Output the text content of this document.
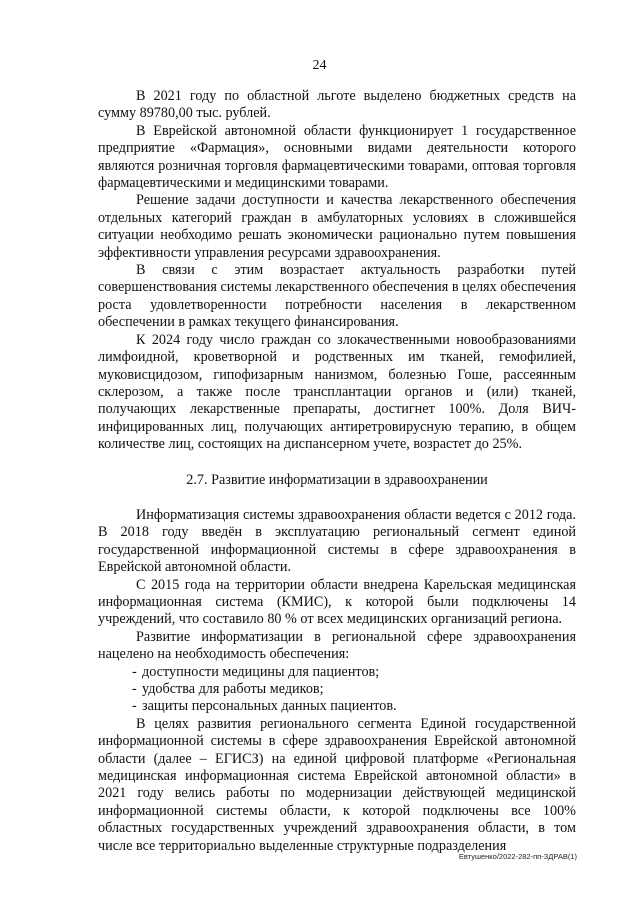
24

В 2021 году по областной льготе выделено бюджетных средств на сумму 89780,00 тыс. рублей.

В Еврейской автономной области функционирует 1 государственное предприятие «Фармация», основными видами деятельности которого являются розничная торговля фармацевтическими товарами, оптовая торговля фармацевтическими и медицинскими товарами.

Решение задачи доступности и качества лекарственного обеспечения отдельных категорий граждан в амбулаторных условиях в сложившейся ситуации необходимо решать экономически рационально путем повышения эффективности управления ресурсами здравоохранения.

В связи с этим возрастает актуальность разработки путей совершенствования системы лекарственного обеспечения в целях обеспечения роста удовлетворенности потребности населения в лекарственном обеспечении в рамках текущего финансирования.

К 2024 году число граждан со злокачественными новообразованиями лимфоидной, кроветворной и родственных им тканей, гемофилией, муковисцидозом, гипофизарным нанизмом, болезнью Гоше, рассеянным склерозом, а также после трансплантации органов и (или) тканей, получающих лекарственные препараты, достигнет 100%. Доля ВИЧ-инфицированных лиц, получающих антиретровирусную терапию, в общем количестве лиц, состоящих на диспансерном учете, возрастет до 25%.

2.7. Развитие информатизации в здравоохранении

Информатизация системы здравоохранения области ведется с 2012 года. В 2018 году введён в эксплуатацию региональный сегмент единой государственной информационной системы в сфере здравоохранения в Еврейской автономной области.

С 2015 года на территории области внедрена Карельская медицинская информационная система (КМИС), к которой были подключены 14 учреждений, что составило 80 % от всех медицинских организаций региона.

Развитие информатизации в региональной сфере здравоохранения нацелено на необходимость обеспечения:

- доступности медицины для пациентов;

- удобства для работы медиков;

- защиты персональных данных пациентов.

В целях развития регионального сегмента Единой государственной информационной системы в сфере здравоохранения Еврейской автономной области (далее – ЕГИСЗ) на единой цифровой платформе «Региональная медицинская информационная система Еврейской автономной области» в 2021 году велись работы по модернизации действующей медицинской информационной системы области, к которой подключены все 100% областных государственных учреждений здравоохранения области, в том числе все территориально выделенные структурные подразделения

Евтушенко/2022-282-пп-ЗДРАВ(1)
